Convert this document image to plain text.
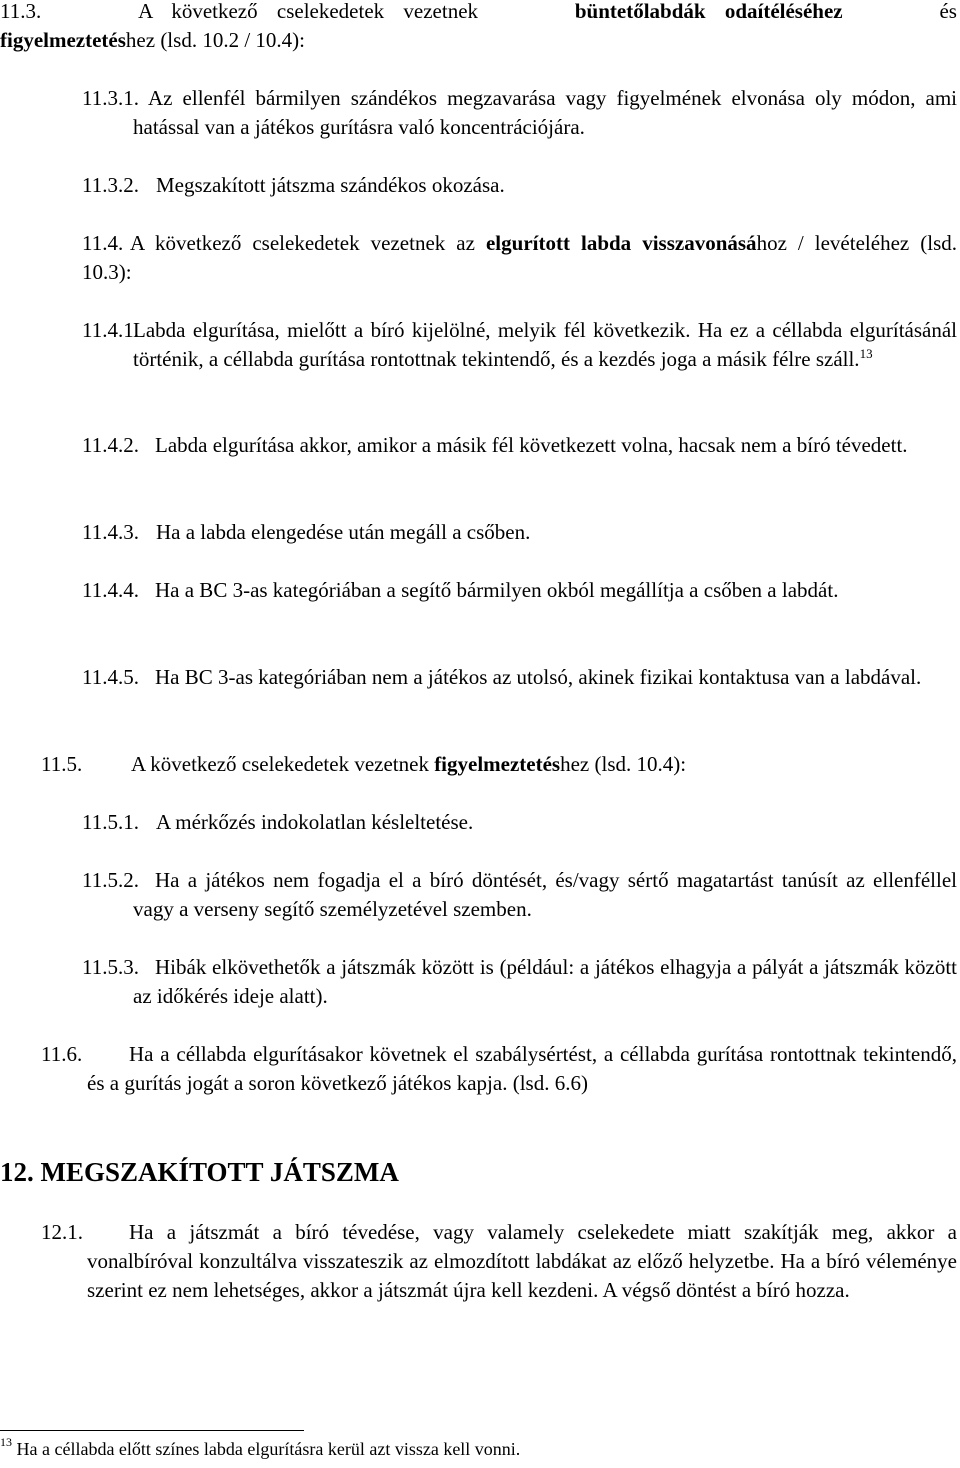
11.3.	A következő cselekedetek vezetnek	büntetőlabdák odaítéléséhez	és
figyelmeztetéshez (lsd. 10.2 / 10.4):
11.3.1. Az ellenfél bármilyen szándékos megzavarása vagy figyelmének elvonása oly módon, ami hatással van a játékos gurításra való koncentrációjára.

11.3.2. Megszakított játszma szándékos okozása.

11.4. A következő cselekedetek vezetnek az elgurított labda visszavonásához / levételéhez (lsd. 10.3):

11.4.1.

Labda elgurítása, mielőtt a bíró kijelölné, melyik fél következik. Ha ez a céllabda elgurításánál történik, a céllabda gurítása rontottnak tekintendő, és a kezdés joga a másik félre száll.$^{13}$

11.4.2. Labda elgurítása akkor, amikor a másik fél következett volna, hacsak nem a bíró tévedett.

11.4.3. Ha a labda elengedése után megáll a csőben.

11.4.4. Ha a BC 3-as kategóriában a segítő bármilyen okból megállítja a csőben a labdát.

11.4.5. Ha BC 3-as kategóriában nem a játékos az utolsó, akinek fizikai kontaktusa van a labdával.

11.5. A következő cselekedetek vezetnek figyelmeztetéshez (lsd. 10.4):
11.5.1. A mérkőzés indokolatlan késleltetése.

11.5.2. Ha a játékos nem fogadja el a bíró döntését, és/vagy sértő magatartást tanúsít az ellenféllel vagy a verseny segítő személyzetével szemben.

11.5.3. Hibák elkövethetők a játszmák között is (például: a játékos elhagyja a pályát a játszmák között az időkérés ideje alatt).

11.6.	Ha a céllabda elgurításakor követnek el szabálysértést, a céllabda gurítása rontottnak tekintendő, és a gurítás jogát a soron következő játékos kapja. (lsd. 6.6)

12. MEGSZAKÍTOTT JÁTSZMA
12.1.	Ha a játszmát a bíró tévedése, vagy valamely cselekedete miatt szakítják meg, akkor a vonalbíróval konzultálva visszateszik az elmozdított labdákat az előző helyzetbe. Ha a bíró véleménye szerint ez nem lehetséges, akkor a játszmát újra kell kezdeni. A végső döntést a bíró hozza.

$^{13}$ Ha a céllabda előtt színes labda elgurításra kerül azt vissza kell vonni.
